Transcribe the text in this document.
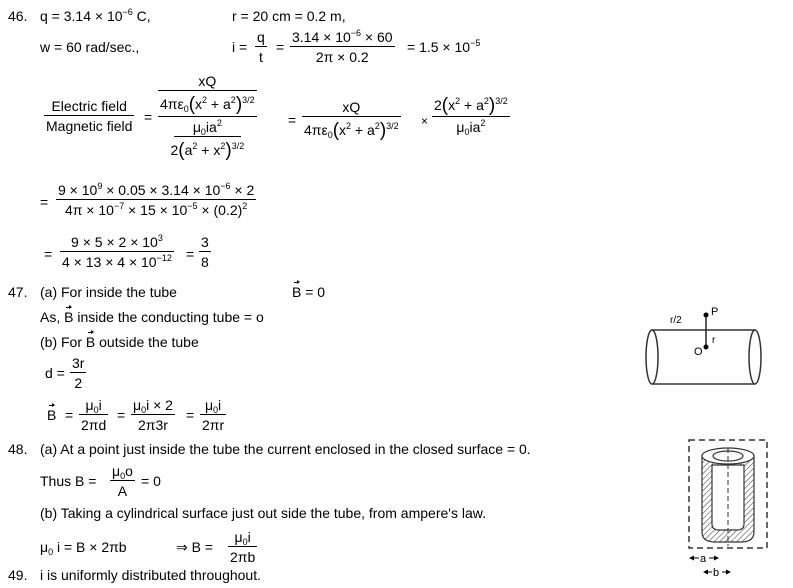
46. $q = 3.14 \times 10^{-6}$ C,	r = 20 cm = 0.2 m,
w = 60 rad/sec.,	i =
q
t
=
$3.14 \times 10^{-6} \times 60$
2π × 0.2
= $1.5 \times 10^{-5}$
Electric field
Magnetic field
=
xQ
$4\pi\varepsilon_0(x^2 + a^2)^{3/2}$
$\mu_0ia^2$
$2(a^2 + x^2)^{3/2}$
=
xQ
$4\pi\varepsilon_0(x^2 + a^2)^{3/2}$ ×
$2(x^2 + a^2)^{3/2}$
$\mu_0ia^2$
=
$9 \times 10^9 \times 0.05 \times 3.14 \times 10^{-6} \times 2$
$4\pi \times 10^{-7} \times 15 \times 10^{-5} \times (0.2)^2$
=
$9 \times 5 \times 2 \times 10^3$
$4 \times 13 \times 4 \times 10^{-12}$ =
3
8
47. (a) For inside the tube	B = 0
As, B inside the conducting tube = o
(b) For B outside the tube
d =
3r
2
B =
$\mu_0i$
2πd
=
$\mu_0i \times 2$
2π3r
=
$\mu_0i$
2πr
P
r/2
r
O
48. (a) At a point just inside the tube the current enclosed in the closed surface = 0.
Thus B =
$\mu_0o$
A
= 0
(b) Taking a cylindrical surface just out side the tube, from ampere's law.
$\mu_0$ i = B × 2πb	⇒ B =
$\mu_0i$
2πb	a
b
49. i is uniformly distributed throughout.
